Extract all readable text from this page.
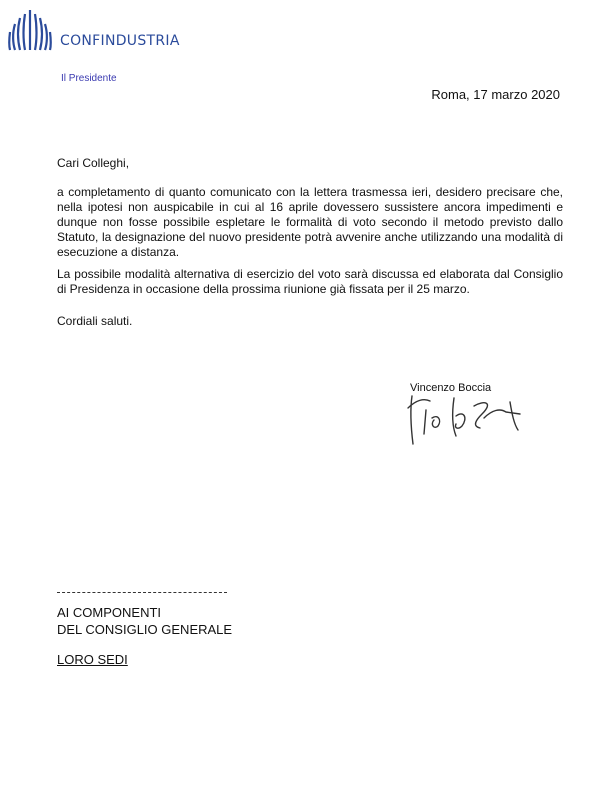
CONFINDUSTRIA
Il Presidente
Roma, 17 marzo 2020
Cari Colleghi,
a completamento di quanto comunicato con la lettera trasmessa ieri, desidero precisare che, nella ipotesi non auspicabile in cui al 16 aprile dovessero sussistere ancora impedimenti e dunque non fosse possibile espletare le formalità di voto secondo il metodo previsto dallo Statuto, la designazione del nuovo presidente potrà avvenire anche utilizzando una modalità di esecuzione a distanza.
La possibile modalità alternativa di esercizio del voto sarà discussa ed elaborata dal Consiglio di Presidenza in occasione della prossima riunione già fissata per il 25 marzo.
Cordiali saluti.
Vincenzo Boccia
AI COMPONENTI
DEL CONSIGLIO GENERALE
LORO SEDI
